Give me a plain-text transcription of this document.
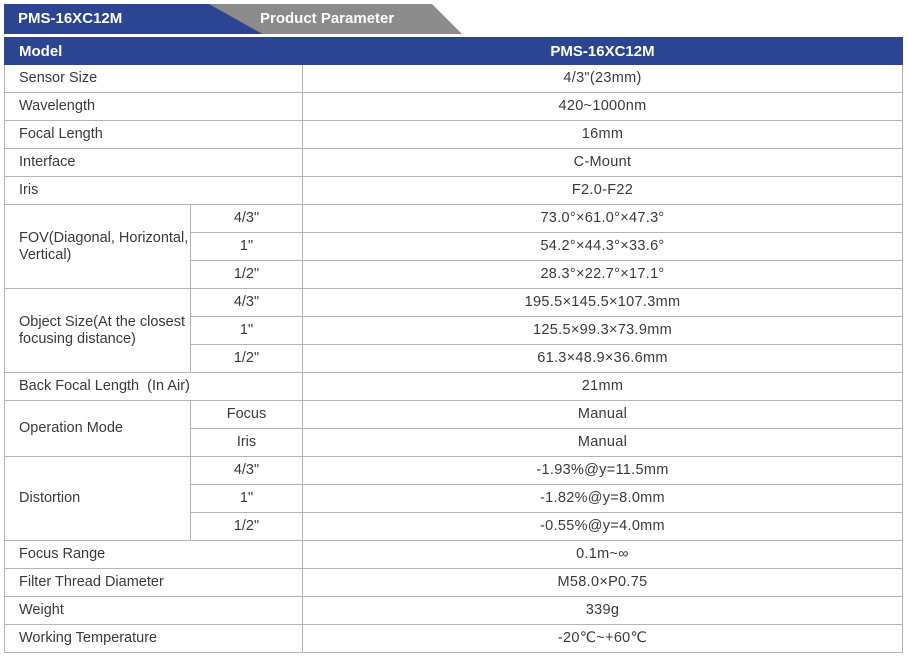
Product Parameter
PMS-16XC12M
Model		PMS-16XC12M
Sensor Size		4/3"(23mm)
Wavelength		420~1000nm
Focal Length		16mm
Interface		C-Mount
Iris		F2.0-F22
FOV(Diagonal, Horizontal, Vertical)	4/3"	73.0°×61.0°×47.3°
	1"	54.2°×44.3°×33.6°
	1/2"	28.3°×22.7°×17.1°
Object Size(At the closest focusing distance)	4/3"	195.5×145.5×107.3mm
	1"	125.5×99.3×73.9mm
	1/2"	61.3×48.9×36.6mm
Back Focal Length  (In Air)		21mm
Operation Mode	Focus	Manual
	Iris	Manual
Distortion	4/3"	-1.93%@y=11.5mm
	1"	-1.82%@y=8.0mm
	1/2"	-0.55%@y=4.0mm
Focus Range		0.1m~∞
Filter Thread Diameter		M58.0×P0.75
Weight		339g
Working Temperature		-20℃~+60℃
